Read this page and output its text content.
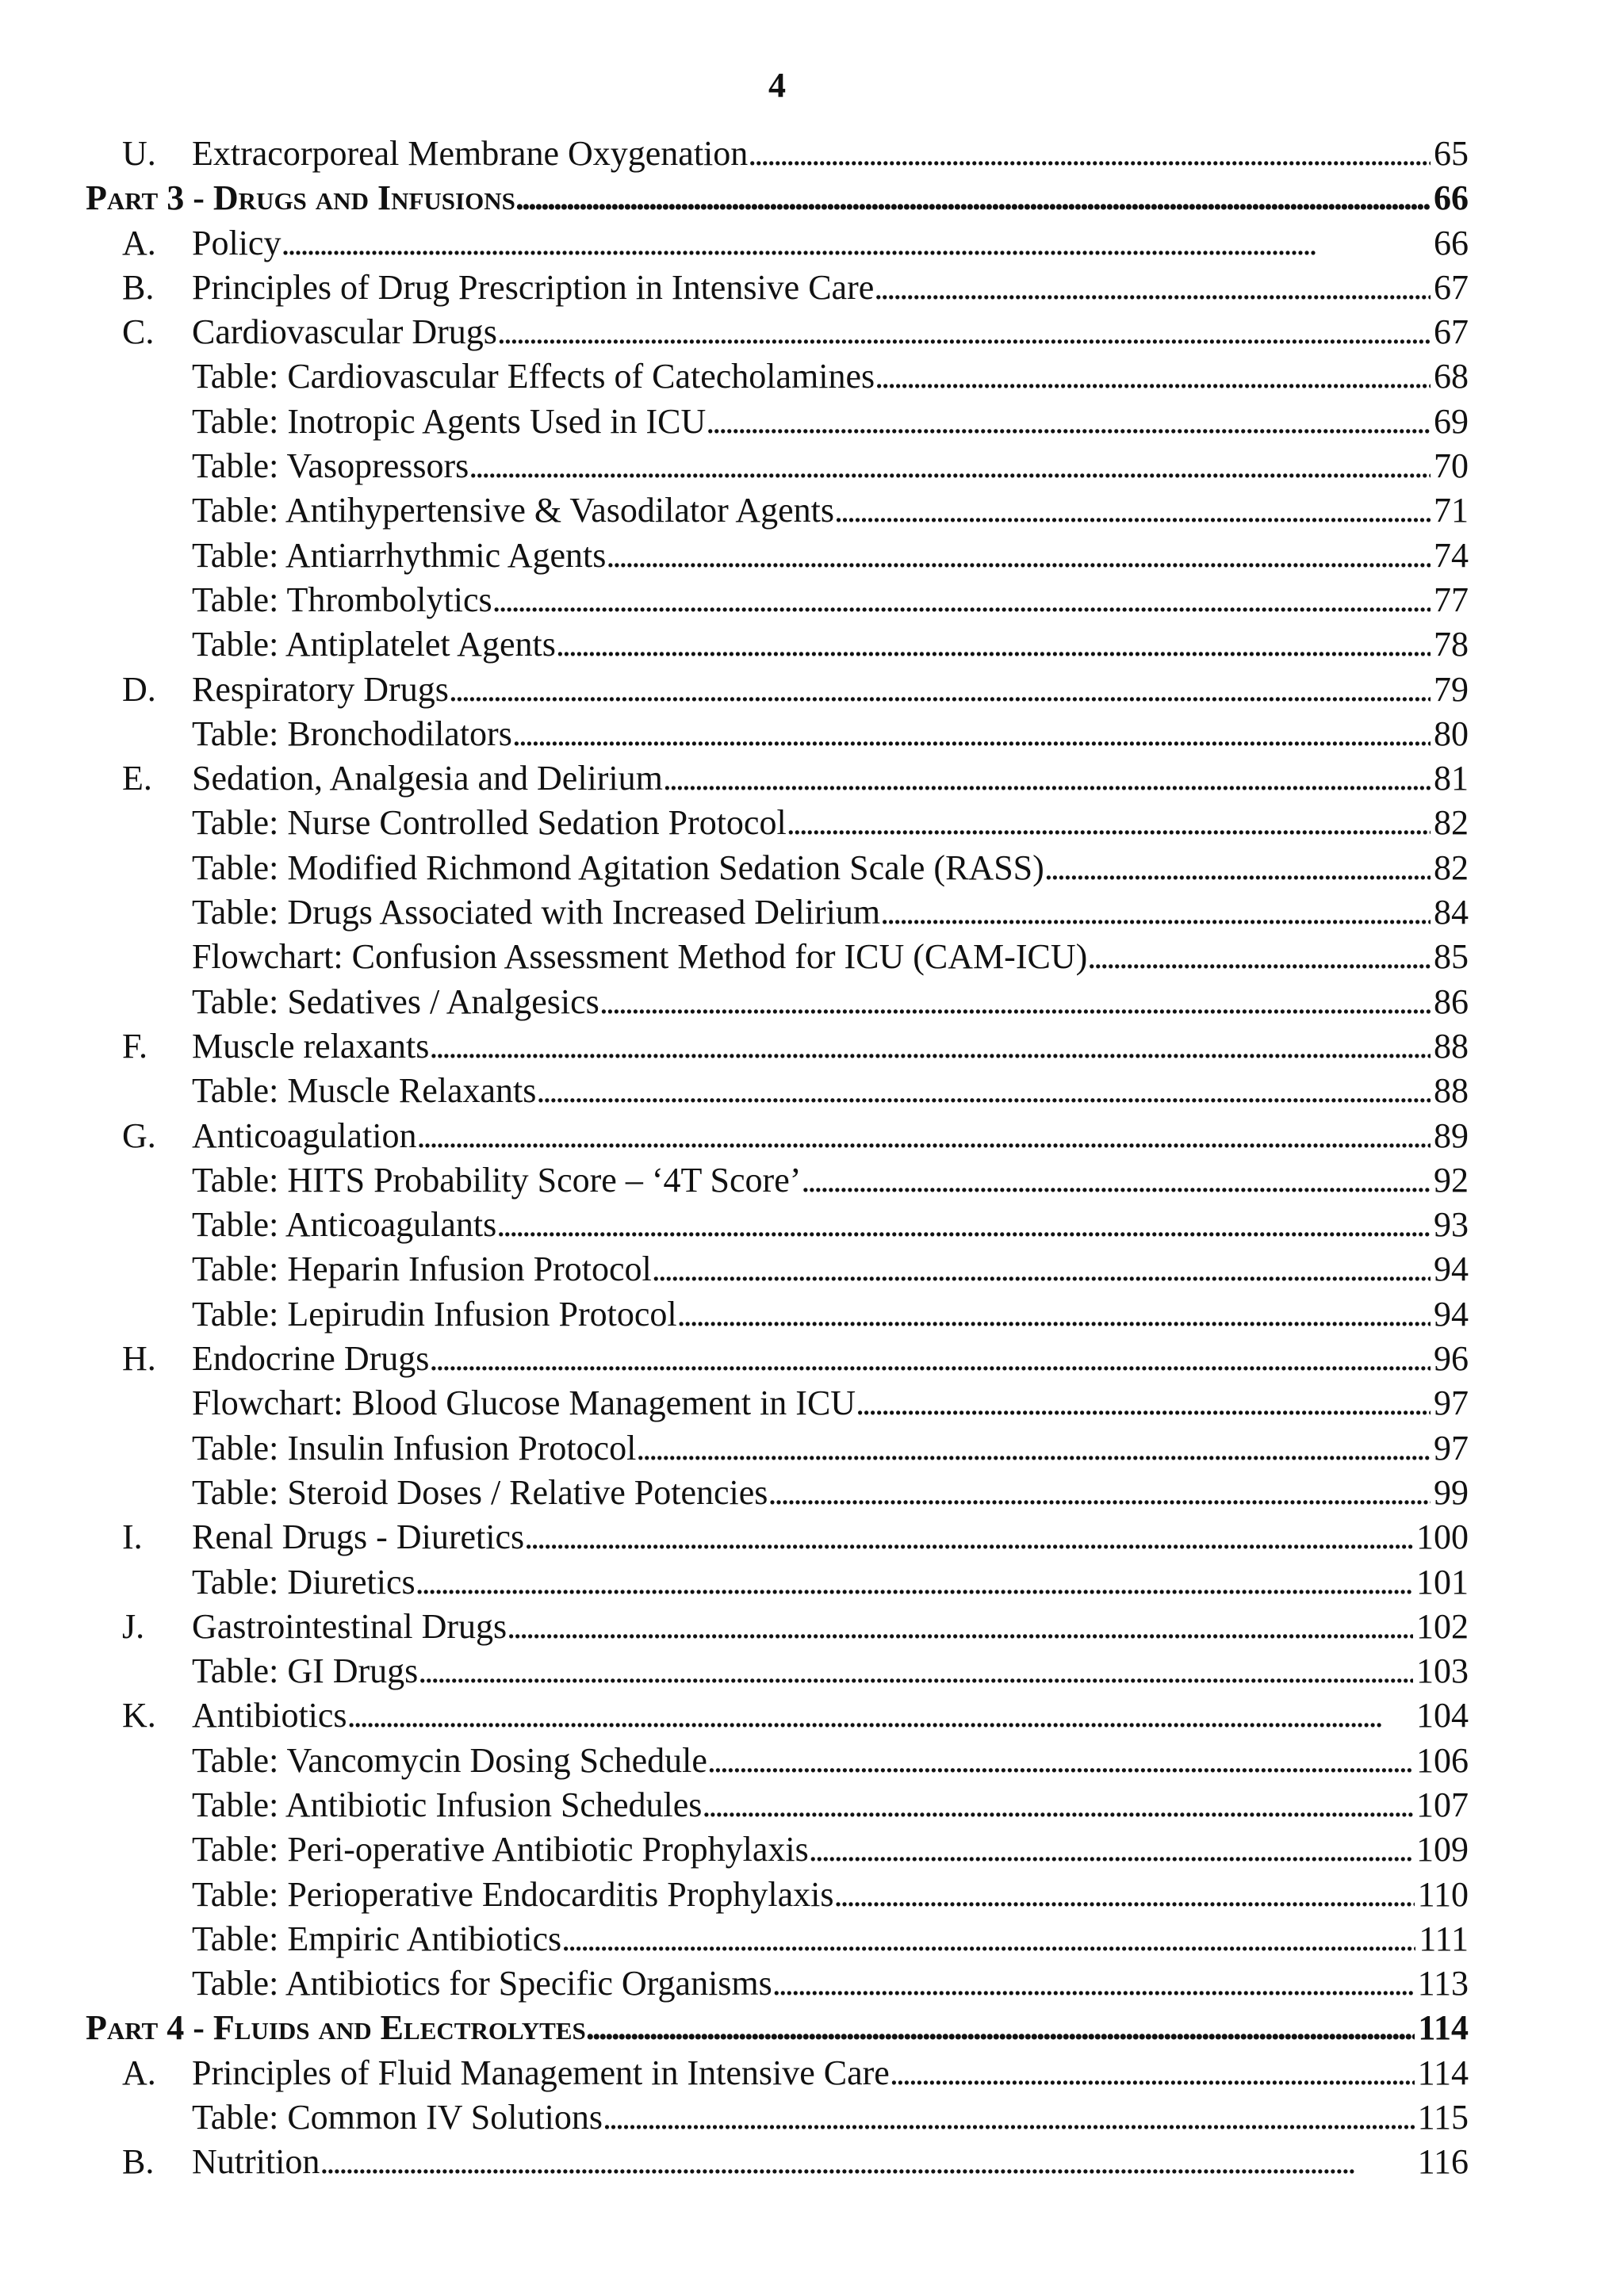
4
U.	Extracorporeal Membrane Oxygenation . . .	65
Part 3 - Drugs and Infusions . . .	66
A.	Policy . . .	66
B.	Principles of Drug Prescription in Intensive Care . . .	67
C.	Cardiovascular Drugs . . .	67
Table: Cardiovascular Effects of Catecholamines . . .	68
Table: Inotropic Agents Used in ICU . . .	69
Table: Vasopressors . . .	70
Table: Antihypertensive & Vasodilator Agents . . .	71
Table: Antiarrhythmic Agents . . .	74
Table: Thrombolytics . . .	77
Table: Antiplatelet Agents . . .	78
D.	Respiratory Drugs . . .	79
Table: Bronchodilators . . .	80
E.	Sedation, Analgesia and Delirium . . .	81
Table: Nurse Controlled Sedation Protocol . . .	82
Table: Modified Richmond Agitation Sedation Scale (RASS) . . .	82
Table: Drugs Associated with Increased Delirium . . .	84
Flowchart: Confusion Assessment Method for ICU (CAM-ICU) . . .	85
Table: Sedatives / Analgesics . . .	86
F.	Muscle relaxants . . .	88
Table: Muscle Relaxants . . .	88
G.	Anticoagulation . . .	89
Table: HITS Probability Score – ‘4T Score’ . . .	92
Table: Anticoagulants . . .	93
Table: Heparin Infusion Protocol . . .	94
Table: Lepirudin Infusion Protocol . . .	94
H.	Endocrine Drugs . . .	96
Flowchart: Blood Glucose Management in ICU . . .	97
Table: Insulin Infusion Protocol . . .	97
Table: Steroid Doses / Relative Potencies . . .	99
I.	Renal Drugs - Diuretics . . .	100
Table: Diuretics . . .	101
J.	Gastrointestinal Drugs . . .	102
Table: GI Drugs . . .	103
K.	Antibiotics . . .	104
Table: Vancomycin Dosing Schedule . . .	106
Table: Antibiotic Infusion Schedules . . .	107
Table: Peri-operative Antibiotic Prophylaxis . . .	109
Table: Perioperative Endocarditis Prophylaxis . . .	110
Table: Empiric Antibiotics . . .	111
Table: Antibiotics for Specific Organisms . . .	113
Part 4 - Fluids and Electrolytes . . .	114
A.	Principles of Fluid Management in Intensive Care . . .	114
Table: Common IV Solutions . . .	115
B.	Nutrition . . .	116
